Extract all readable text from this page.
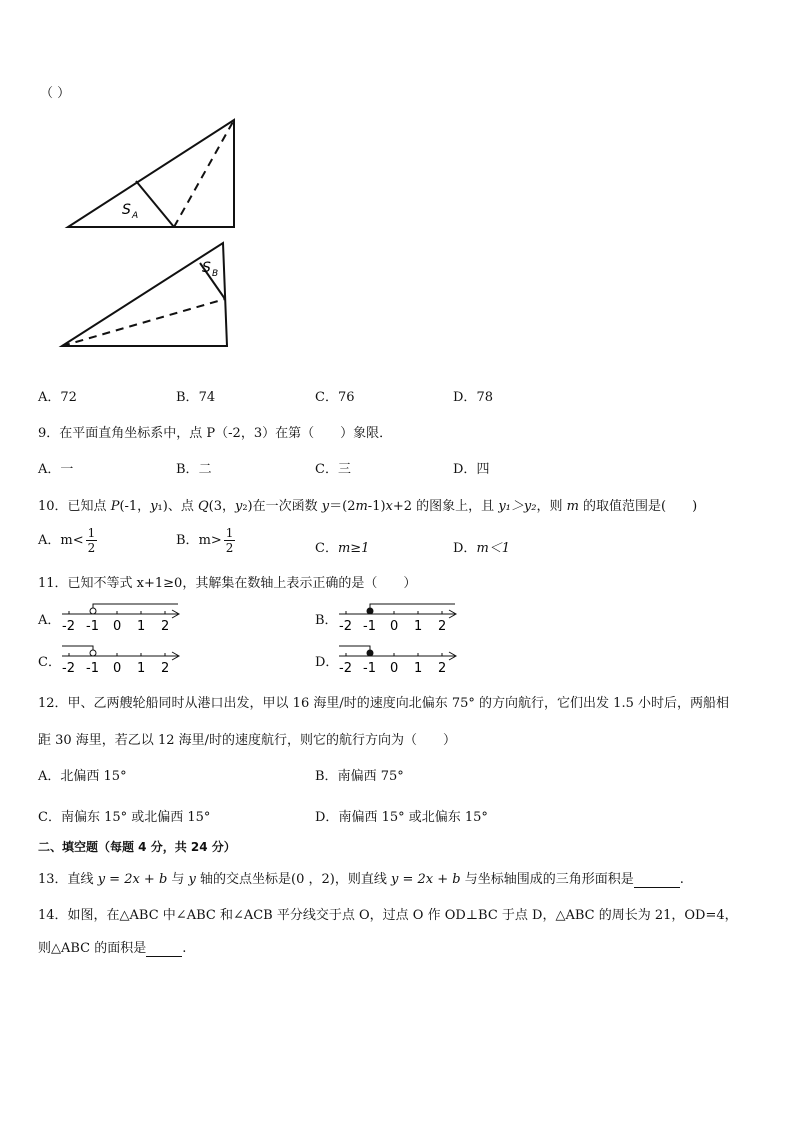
（ ）
S A
S B
A．72	B．74	C．76	D．78
9．在平面直角坐标系中，点 P（-2，3）在第（　　）象限．
A．一	B．二	C．三	D．四
10．已知点 P(-1，y₁)、点 Q(3，y₂)在一次函数 y＝(2m-1)x+2 的图象上，且 y₁＞y₂，则 m 的取值范围是(　　)
A．$m< \frac{1}{2}$	B．$m> \frac{1}{2}$	C．m≥1	D．m＜1
11．已知不等式 x+1≥0，其解集在数轴上表示正确的是（　　）
A． -2 -1 0 1 2	B． -2 -1 0 1 2
C． -2 -1 0 1 2	D． -2 -1 0 1 2
12．甲、乙两艘轮船同时从港口出发，甲以 16 海里/时的速度向北偏东 75° 的方向航行，它们出发 1.5 小时后，两船相
距 30 海里，若乙以 12 海里/时的速度航行，则它的航行方向为（　　）
A．北偏西 15°	B．南偏西 75°
C．南偏东 15° 或北偏西 15°	D．南偏西 15° 或北偏东 15°
二、填空题（每题 4 分，共 24 分）
13．直线 y = 2x + b 与 y 轴的交点坐标是(0 ，2)，则直线 y = 2x + b 与坐标轴围成的三角形面积是	.
14．如图，在△ABC 中∠ABC 和∠ACB 平分线交于点 O，过点 O 作 OD⊥BC 于点 D，△ABC 的周长为 21，OD=4，
则△ABC 的面积是	.
